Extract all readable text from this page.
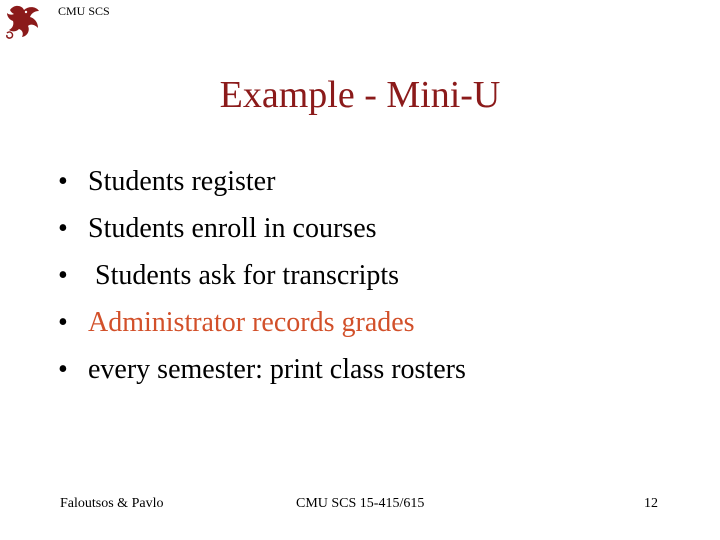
CMU SCS
Example - Mini-U

•

Students register

•

Students enroll in courses

•

Students ask for transcripts

•

Administrator records grades

•

every semester: print class rosters

Faloutsos & Pavlo	CMU SCS 15-415/615	12
